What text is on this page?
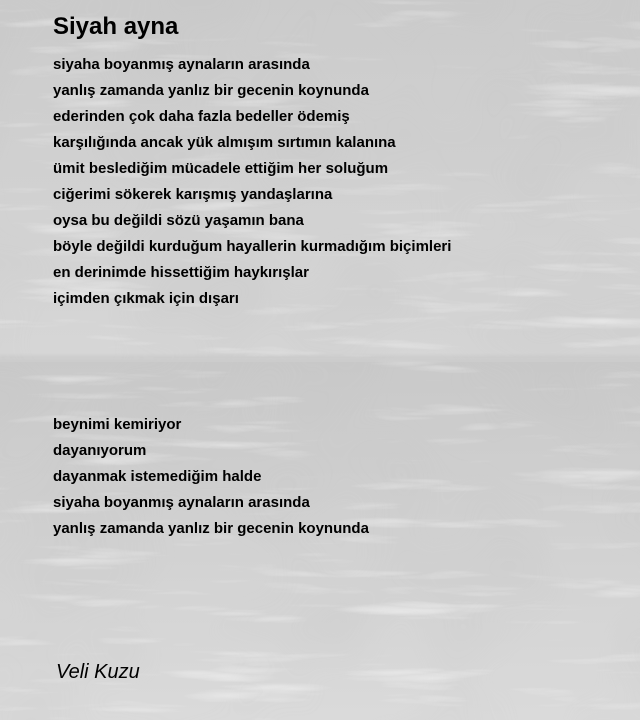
Siyah ayna
siyaha boyanmış aynaların arasında
yanlış zamanda yanlız bir gecenin koynunda
ederinden çok daha fazla bedeller ödemiş
karşılığında ancak yük almışım sırtımın kalanına
ümit beslediğim mücadele ettiğim her soluğum
ciğerimi sökerek karışmış yandaşlarına
oysa bu değildi sözü yaşamın bana
böyle değildi kurduğum hayallerin kurmadığım biçimleri
en derinimde hissettiğim haykırışlar
içimden çıkmak için dışarı
beynimi kemiriyor
dayanıyorum
dayanmak istemediğim halde
siyaha boyanmış aynaların arasında
yanlış zamanda yanlız bir gecenin koynunda

Veli Kuzu
